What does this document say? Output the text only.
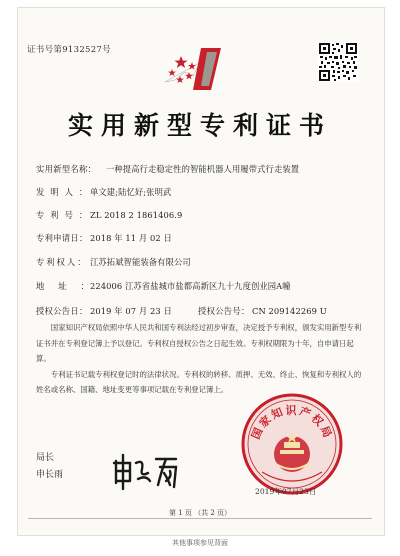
证书号第9132527号
实用新型专利证书
实用新型名称： 一种提高行走稳定性的智能机器人用履带式行走装置
发明人：单文建;陆忆好;张明武
专利号：ZL 2018 2 1861406.9
专利申请日： 2018 年 11 月 02 日
专利权人： 江苏拓斌智能装备有限公司
地址：224006 江苏省盐城市盐都高新区九十九度创业园A幢
授权公告日： 2019 年 07 月 23 日	授权公告号： CN 209142269 U

国家知识产权局依照中华人民共和国专利法经过初步审查，决定授予专利权，颁发实用新型专利证书并在专利登记簿上予以登记。专利权自授权公告之日起生效。专利权期限为十年，自申请日起算。

专利证书记载专利权登记时的法律状况。专利权的转移、质押、无效、终止、恢复和专利权人的姓名或名称、国籍、地址变更等事项记载在专利登记簿上。

国家知识产权局
局长
申长雨
2019年07月23日
第 1 页 （共 2 页）
其他事项参见背面
